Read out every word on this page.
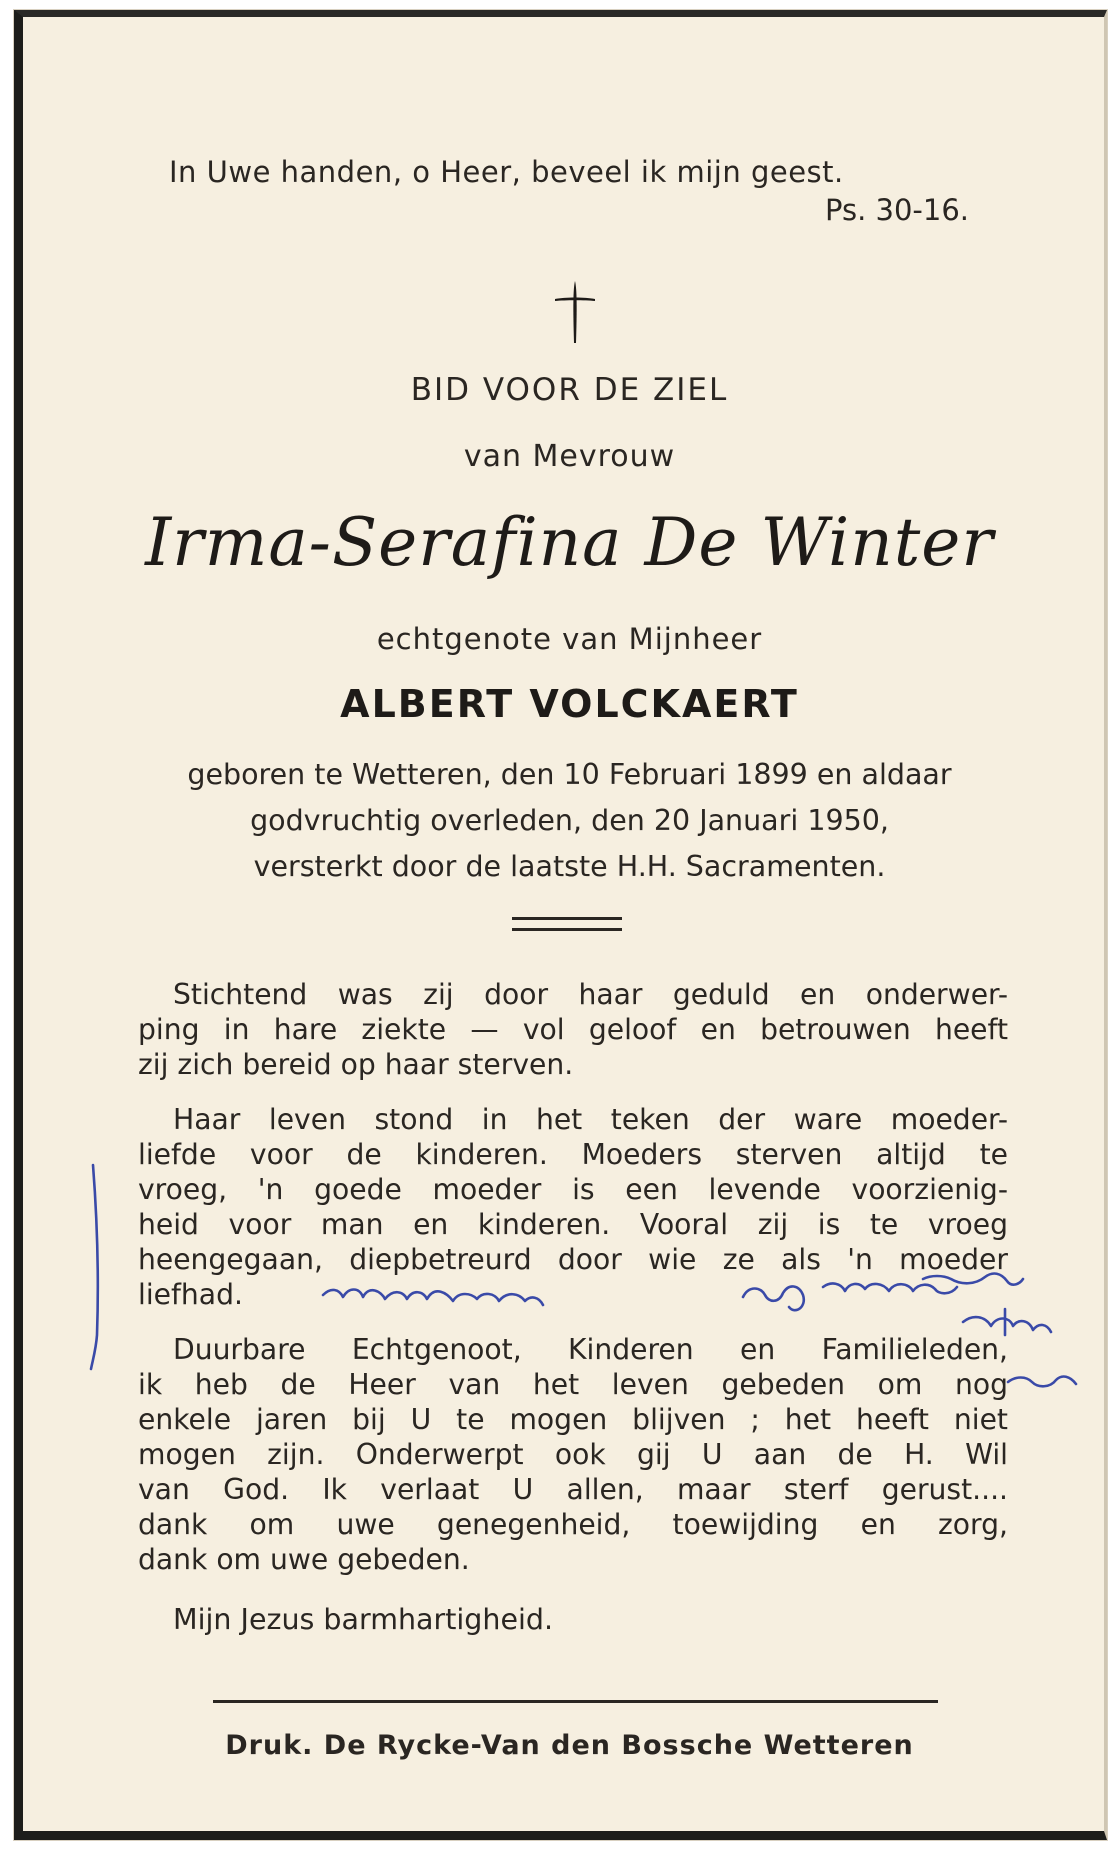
In Uwe handen, o Heer, beveel ik mijn geest.
Ps. 30-16.
BID VOOR DE ZIEL
van Mevrouw
Irma-Serafina De Winter
echtgenote van Mijnheer
ALBERT VOLCKAERT
geboren te Wetteren, den 10 Februari 1899 en aldaar
godvruchtig overleden, den 20 Januari 1950,
versterkt door de laatste H.H. Sacramenten.
Stichtend was zij door haar geduld en onderwer-
ping in hare ziekte — vol geloof en betrouwen heeft
zij zich bereid op haar sterven.
Haar leven stond in het teken der ware moeder-
liefde voor de kinderen. Moeders sterven altijd te
vroeg, 'n goede moeder is een levende voorzienig-
heid voor man en kinderen. Vooral zij is te vroeg
heengegaan, diepbetreurd door wie ze als 'n moeder
liefhad.
Duurbare Echtgenoot, Kinderen en Familieleden,
ik heb de Heer van het leven gebeden om nog
enkele jaren bij U te mogen blijven ; het heeft niet
mogen zijn. Onderwerpt ook gij U aan de H. Wil
van God. Ik verlaat U allen, maar sterf gerust....
dank om uwe genegenheid, toewijding en zorg,
dank om uwe gebeden.
Mijn Jezus barmhartigheid.
Druk. De Rycke-Van den Bossche Wetteren
